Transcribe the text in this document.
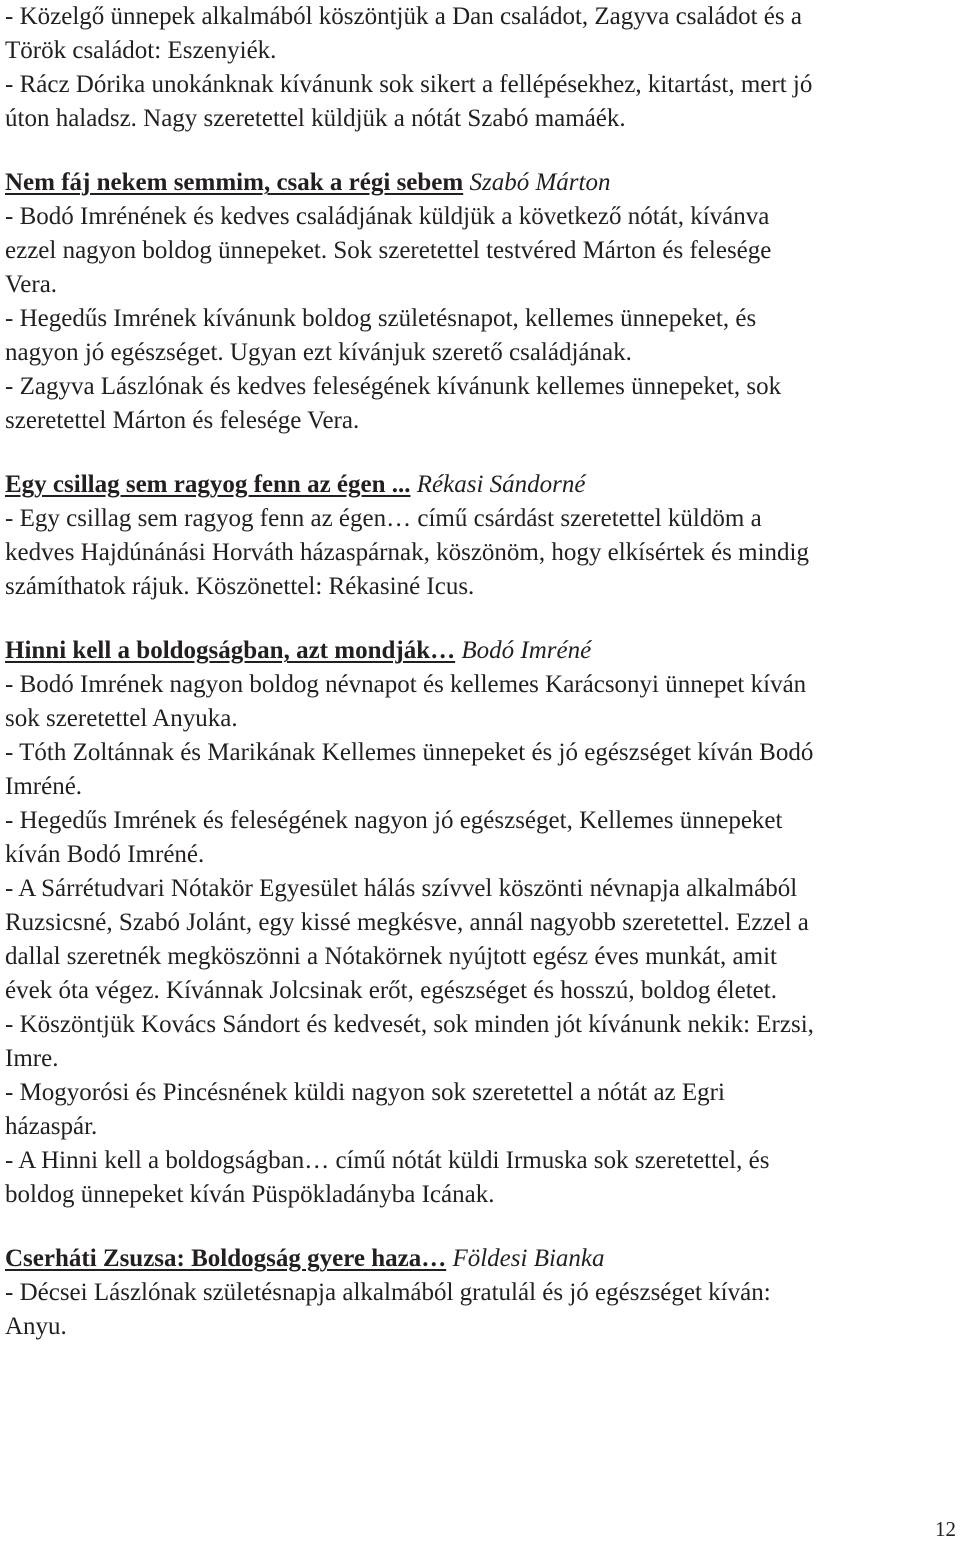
- Közelgő ünnepek alkalmából köszöntjük a Dan családot, Zagyva családot és a
Török családot: Eszenyiék.
- Rácz Dórika unokánknak kívánunk sok sikert a fellépésekhez, kitartást, mert jó
úton haladsz. Nagy szeretettel küldjük a nótát Szabó mamáék.
Nem fáj nekem semmim, csak a régi sebem Szabó Márton
- Bodó Imrénének és kedves családjának küldjük a következő nótát, kívánva
ezzel nagyon boldog ünnepeket. Sok szeretettel testvéred Márton és felesége
Vera.
- Hegedűs Imrének kívánunk boldog születésnapot, kellemes ünnepeket, és
nagyon jó egészséget. Ugyan ezt kívánjuk szerető családjának.
- Zagyva Lászlónak és kedves feleségének kívánunk kellemes ünnepeket, sok
szeretettel Márton és felesége Vera.
Egy csillag sem ragyog fenn az égen ... Rékasi Sándorné
- Egy csillag sem ragyog fenn az égen… című csárdást szeretettel küldöm a
kedves Hajdúnánási Horváth házaspárnak, köszönöm, hogy elkísértek és mindig
számíthatok rájuk. Köszönettel: Rékasiné Icus.
Hinni kell a boldogságban, azt mondják… Bodó Imréné
- Bodó Imrének nagyon boldog névnapot és kellemes Karácsonyi ünnepet kíván
sok szeretettel Anyuka.
- Tóth Zoltánnak és Marikának Kellemes ünnepeket és jó egészséget kíván Bodó
Imréné.
- Hegedűs Imrének és feleségének nagyon jó egészséget, Kellemes ünnepeket
kíván Bodó Imréné.
- A Sárrétudvari Nótakör Egyesület hálás szívvel köszönti névnapja alkalmából
Ruzsicsné, Szabó Jolánt, egy kissé megkésve, annál nagyobb szeretettel. Ezzel a
dallal szeretnék megköszönni a Nótakörnek nyújtott egész éves munkát, amit
évek óta végez. Kívánnak Jolcsinak erőt, egészséget és hosszú, boldog életet.
- Köszöntjük Kovács Sándort és kedvesét, sok minden jót kívánunk nekik: Erzsi,
Imre.
- Mogyorósi és Pincésnének küldi nagyon sok szeretettel a nótát az Egri
házaspár.
- A Hinni kell a boldogságban… című nótát küldi Irmuska sok szeretettel, és
boldog ünnepeket kíván Püspökladányba Icának.
Cserháti Zsuzsa: Boldogság gyere haza… Földesi Bianka
- Décsei Lászlónak születésnapja alkalmából gratulál és jó egészséget kíván:
Anyu.
12
